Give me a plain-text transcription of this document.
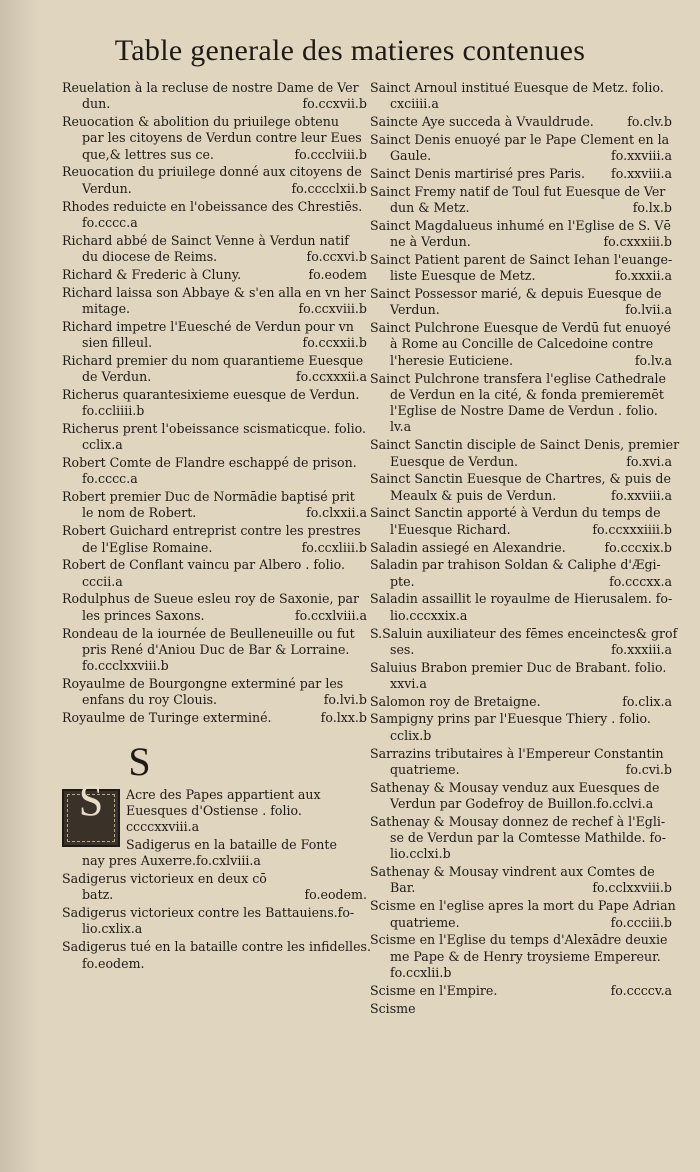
Table generale des matieres contenues
Reuelation à la recluse de nostre Dame de Ver
dun.	fo.ccxvii.b
Reuocation & abolition du priuilege obtenu
par les citoyens de Verdun contre leur Eues
que,& lettres sus ce.	fo.ccclviii.b
Reuocation du priuilege donné aux citoyens de
Verdun.	fo.cccclxii.b
Rhodes reduicte en l'obeissance des Chrestiēs.
fo.cccc.a
Richard abbé de Sainct Venne à Verdun natif
du diocese de Reims.	fo.ccxvi.b
Richard & Frederic à Cluny.	fo.eodem
Richard laissa son Abbaye & s'en alla en vn her
mitage.	fo.ccxviii.b
Richard impetre l'Euesché de Verdun pour vn
sien filleul.	fo.ccxxii.b
Richard premier du nom quarantieme Euesque
de Verdun.	fo.ccxxxii.a
Richerus quarantesixieme euesque de Verdun.
fo.ccliiii.b
Richerus prent l'obeissance scismaticque. folio.
cclix.a
Robert Comte de Flandre eschappé de prison.
fo.cccc.a
Robert premier Duc de Normādie baptisé prit
le nom de Robert.	fo.clxxii.a
Robert Guichard entreprist contre les prestres
de l'Eglise Romaine.	fo.ccxliii.b
Robert de Conflant vaincu par Albero . folio.
cccii.a
Rodulphus de Sueue esleu roy de Saxonie, par
les princes Saxons.	fo.ccxlviii.a
Rondeau de la iournée de Beulleneuille ou fut
pris René d'Aniou Duc de Bar & Lorraine.
fo.ccclxxviii.b
Royaulme de Bourgongne exterminé par les
enfans du roy Clouis.	fo.lvi.b
Royaulme de Turinge exterminé.	fo.lxx.b
S
S	Acre des Papes appartient aux
Euesques d'Ostiense . folio.
ccccxxviii.a
Sadigerus en la bataille de Fonte
nay pres Auxerre.fo.cxlviii.a
Sadigerus victorieux en deux cō
batz.	fo.eodem.
Sadigerus victorieux contre les Battauiens.fo-
lio.cxlix.a
Sadigerus tué en la bataille contre les infidelles.
fo.eodem.
Sainct Arnoul institué Euesque de Metz. folio.
cxciiii.a
Saincte Aye succeda à Vvauldrude.	fo.clv.b
Sainct Denis enuoyé par le Pape Clement en la
Gaule.	fo.xxviii.a
Sainct Denis martirisé pres Paris.	fo.xxviii.a
Sainct Fremy natif de Toul fut Euesque de Ver
dun & Metz.	fo.lx.b
Sainct Magdalueus inhumé en l'Eglise de S. Vē
ne à Verdun.	fo.cxxxiii.b
Sainct Patient parent de Sainct Iehan l'euange-
liste Euesque de Metz.	fo.xxxii.a
Sainct Possessor marié, & depuis Euesque de
Verdun.	fo.lvii.a
Sainct Pulchrone Euesque de Verdū fut enuoyé
à Rome au Concille de Calcedoine contre
l'heresie Euticiene.	fo.lv.a
Sainct Pulchrone transfera l'eglise Cathedrale
de Verdun en la cité, & fonda premieremēt
l'Eglise de Nostre Dame de Verdun . folio.
lv.a
Sainct Sanctin disciple de Sainct Denis, premier
Euesque de Verdun.	fo.xvi.a
Sainct Sanctin Euesque de Chartres, & puis de
Meaulx & puis de Verdun.	fo.xxviii.a
Sainct Sanctin apporté à Verdun du temps de
l'Euesque Richard.	fo.ccxxxiiii.b
Saladin assiegé en Alexandrie.	fo.cccxix.b
Saladin par trahison Soldan & Caliphe d'Ægi-
pte.	fo.cccxx.a
Saladin assaillit le royaulme de Hierusalem. fo-
lio.cccxxix.a
S.Saluin auxiliateur des fēmes enceinctes& grof
ses.	fo.xxxiii.a
Saluius Brabon premier Duc de Brabant. folio.
xxvi.a
Salomon roy de Bretaigne.	fo.clix.a
Sampigny prins par l'Euesque Thiery . folio.
cclix.b
Sarrazins tributaires à l'Empereur Constantin
quatrieme.	fo.cvi.b
Sathenay & Mousay venduz aux Euesques de
Verdun par Godefroy de Buillon.fo.cclvi.a
Sathenay & Mousay donnez de rechef à l'Egli-
se de Verdun par la Comtesse Mathilde. fo-
lio.cclxi.b
Sathenay & Mousay vindrent aux Comtes de
Bar.	fo.cclxxviii.b
Scisme en l'eglise apres la mort du Pape Adrian
quatrieme.	fo.ccciii.b
Scisme en l'Eglise du temps d'Alexādre deuxie
me Pape & de Henry troysieme Empereur.
fo.ccxlii.b
Scisme en l'Empire.	fo.ccccv.a
Scisme
